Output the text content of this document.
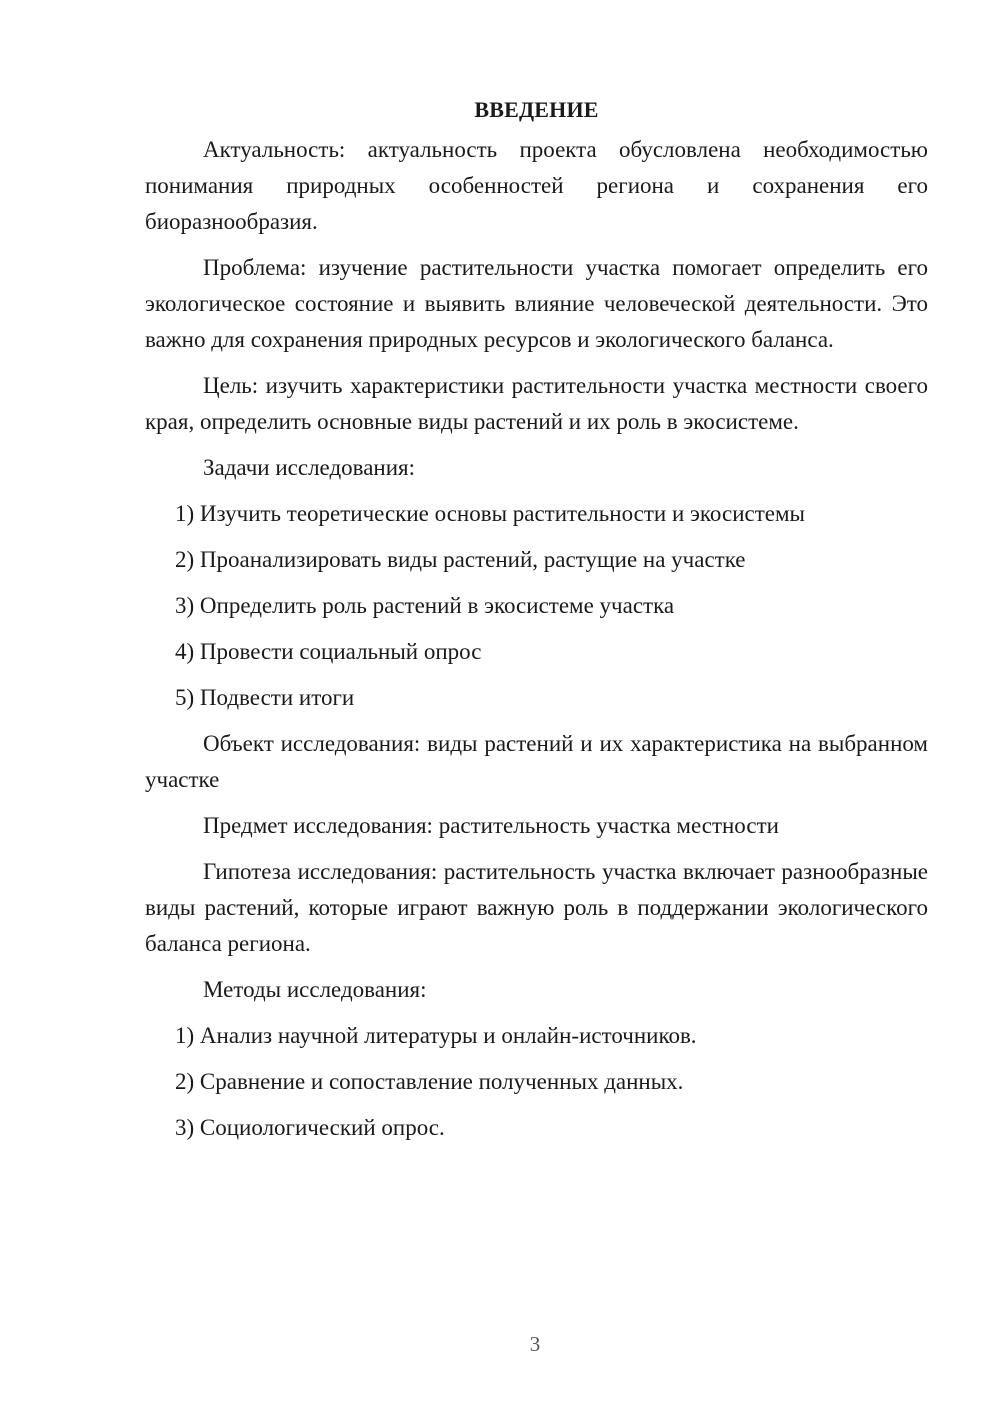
ВВЕДЕНИЕ

Актуальность: актуальность проекта обусловлена необходимостью понимания природных особенностей региона и сохранения его биоразнообразия.

Проблема: изучение растительности участка помогает определить его экологическое состояние и выявить влияние человеческой деятельности. Это важно для сохранения природных ресурсов и экологического баланса.

Цель: изучить характеристики растительности участка местности своего края, определить основные виды растений и их роль в экосистеме.

Задачи исследования:

1) Изучить теоретические основы растительности и экосистемы
2) Проанализировать виды растений, растущие на участке
3) Определить роль растений в экосистеме участка
4) Провести социальный опрос
5) Подвести итоги

Объект исследования: виды растений и их характеристика на выбранном участке

Предмет исследования: растительность участка местности

Гипотеза исследования: растительность участка включает разнообразные виды растений, которые играют важную роль в поддержании экологического баланса региона.

Методы исследования:

1) Анализ научной литературы и онлайн-источников.
2) Сравнение и сопоставление полученных данных.
3) Социологический опрос.
3
